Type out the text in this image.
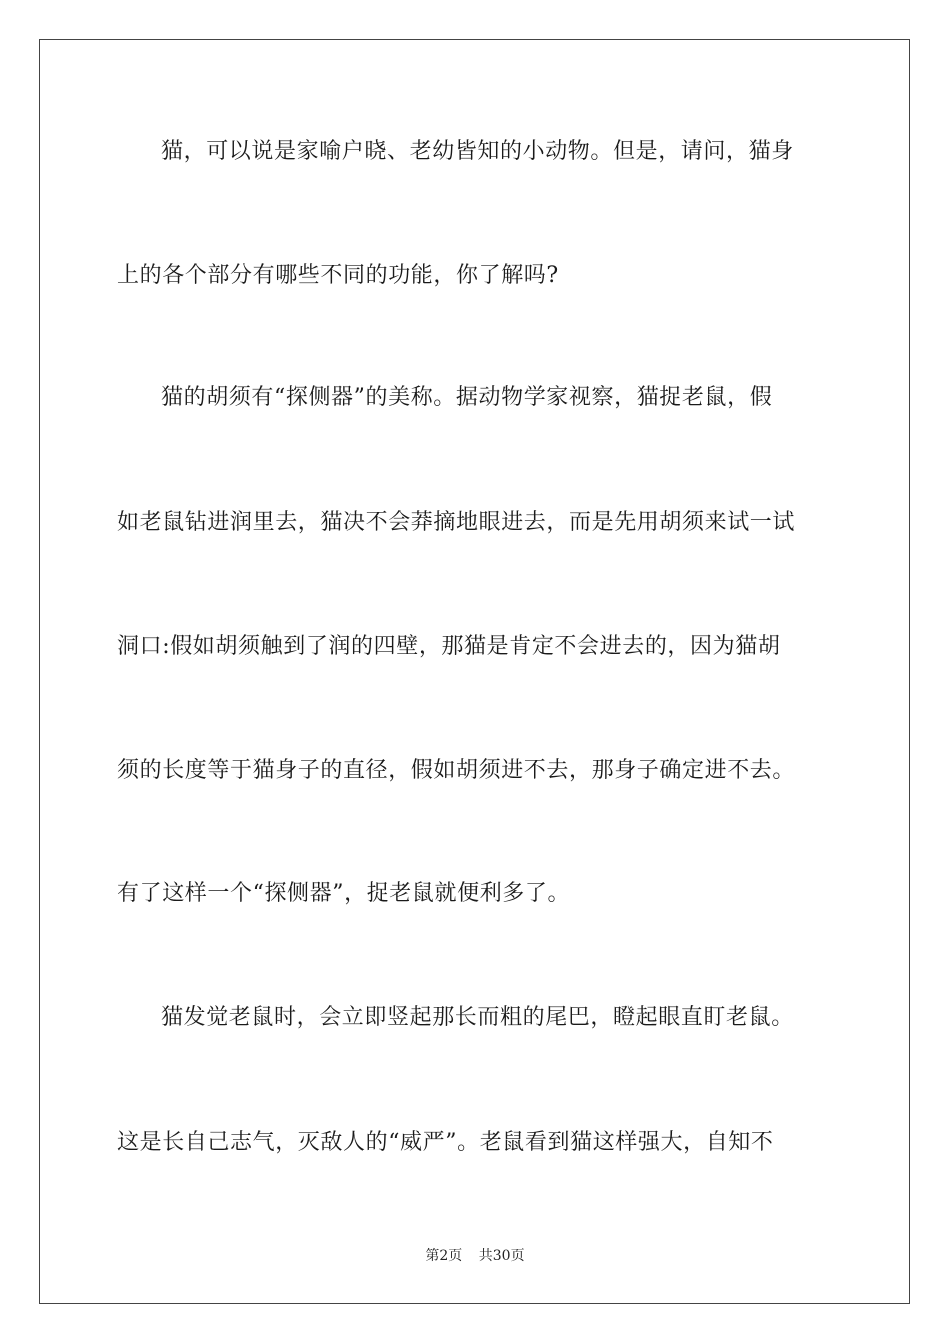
猫，可以说是家喻户晓、老幼皆知的小动物。但是，请问，猫身
上的各个部分有哪些不同的功能，你了解吗?
猫的胡须有“探侧器”的美称。据动物学家视察，猫捉老鼠，假
如老鼠钻进润里去，猫决不会莽摘地眼进去，而是先用胡须来试一试
洞口:假如胡须触到了润的四壁，那猫是肯定不会进去的，因为猫胡
须的长度等于猫身子的直径，假如胡须进不去，那身子确定进不去。
有了这样一个“探侧器”，捉老鼠就便利多了。
猫发觉老鼠时，会立即竖起那长而粗的尾巴，瞪起眼直盯老鼠。
这是长自己志气，灭敌人的“威严”。老鼠看到猫这样强大，自知不
第2页 共30页
